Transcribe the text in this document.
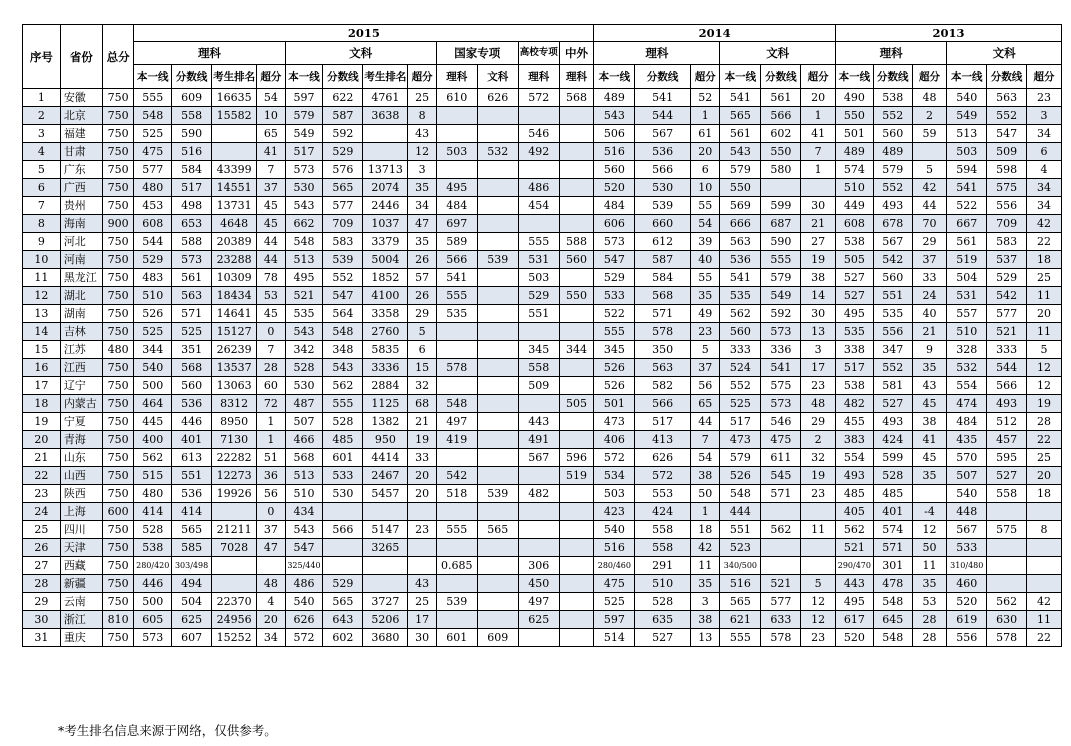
序号	省份	总分	2015												2014						2013					
			理科				文科				国家专项		高校专项	中外	理科			文科			理科			文科		
			本一线	分数线	考生排名	超分	本一线	分数线	考生排名	超分	理科	文科	理科	理科	本一线	分数线	超分	本一线	分数线	超分	本一线	分数线	超分	本一线	分数线	超分
1	安徽	750	555	609	16635	54	597	622	4761	25	610	626	572	568	489	541	52	541	561	20	490	538	48	540	563	23
2	北京	750	548	558	15582	10	579	587	3638	8					543	544	1	565	566	1	550	552	2	549	552	3
3	福建	750	525	590		65	549	592		43			546		506	567	61	561	602	41	501	560	59	513	547	34
4	甘肃	750	475	516		41	517	529		12	503	532	492		516	536	20	543	550	7	489	489		503	509	6
5	广东	750	577	584	43399	7	573	576	13713	3					560	566	6	579	580	1	574	579	5	594	598	4
6	广西	750	480	517	14551	37	530	565	2074	35	495		486		520	530	10	550			510	552	42	541	575	34
7	贵州	750	453	498	13731	45	543	577	2446	34	484		454		484	539	55	569	599	30	449	493	44	522	556	34
8	海南	900	608	653	4648	45	662	709	1037	47	697				606	660	54	666	687	21	608	678	70	667	709	42
9	河北	750	544	588	20389	44	548	583	3379	35	589		555	588	573	612	39	563	590	27	538	567	29	561	583	22
10	河南	750	529	573	23288	44	513	539	5004	26	566	539	531	560	547	587	40	536	555	19	505	542	37	519	537	18
11	黑龙江	750	483	561	10309	78	495	552	1852	57	541		503		529	584	55	541	579	38	527	560	33	504	529	25
12	湖北	750	510	563	18434	53	521	547	4100	26	555		529	550	533	568	35	535	549	14	527	551	24	531	542	11
13	湖南	750	526	571	14641	45	535	564	3358	29	535		551		522	571	49	562	592	30	495	535	40	557	577	20
14	吉林	750	525	525	15127	0	543	548	2760	5					555	578	23	560	573	13	535	556	21	510	521	11
15	江苏	480	344	351	26239	7	342	348	5835	6			345	344	345	350	5	333	336	3	338	347	9	328	333	5
16	江西	750	540	568	13537	28	528	543	3336	15	578		558		526	563	37	524	541	17	517	552	35	532	544	12
17	辽宁	750	500	560	13063	60	530	562	2884	32			509		526	582	56	552	575	23	538	581	43	554	566	12
18	内蒙古	750	464	536	8312	72	487	555	1125	68	548			505	501	566	65	525	573	48	482	527	45	474	493	19
19	宁夏	750	445	446	8950	1	507	528	1382	21	497		443		473	517	44	517	546	29	455	493	38	484	512	28
20	青海	750	400	401	7130	1	466	485	950	19	419		491		406	413	7	473	475	2	383	424	41	435	457	22
21	山东	750	562	613	22282	51	568	601	4414	33			567	596	572	626	54	579	611	32	554	599	45	570	595	25
22	山西	750	515	551	12273	36	513	533	2467	20	542			519	534	572	38	526	545	19	493	528	35	507	527	20
23	陕西	750	480	536	19926	56	510	530	5457	20	518	539	482		503	553	50	548	571	23	485	485		540	558	18
24	上海	600	414	414		0	434								423	424	1	444			405	401	-4	448		
25	四川	750	528	565	21211	37	543	566	5147	23	555	565			540	558	18	551	562	11	562	574	12	567	575	8
26	天津	750	538	585	7028	47	547		3265						516	558	42	523			521	571	50	533		
27	西藏	750	280/420	303/498			325/440				0.685		306		280/460	291	11	340/500			290/470	301	11	310/480		
28	新疆	750	446	494		48	486	529		43			450		475	510	35	516	521	5	443	478	35	460		
29	云南	750	500	504	22370	4	540	565	3727	25	539		497		525	528	3	565	577	12	495	548	53	520	562	42
30	浙江	810	605	625	24956	20	626	643	5206	17			625		597	635	38	621	633	12	617	645	28	619	630	11
31	重庆	750	573	607	15252	34	572	602	3680	30	601	609			514	527	13	555	578	23	520	548	28	556	578	22
*考生排名信息来源于网络，仅供参考。
